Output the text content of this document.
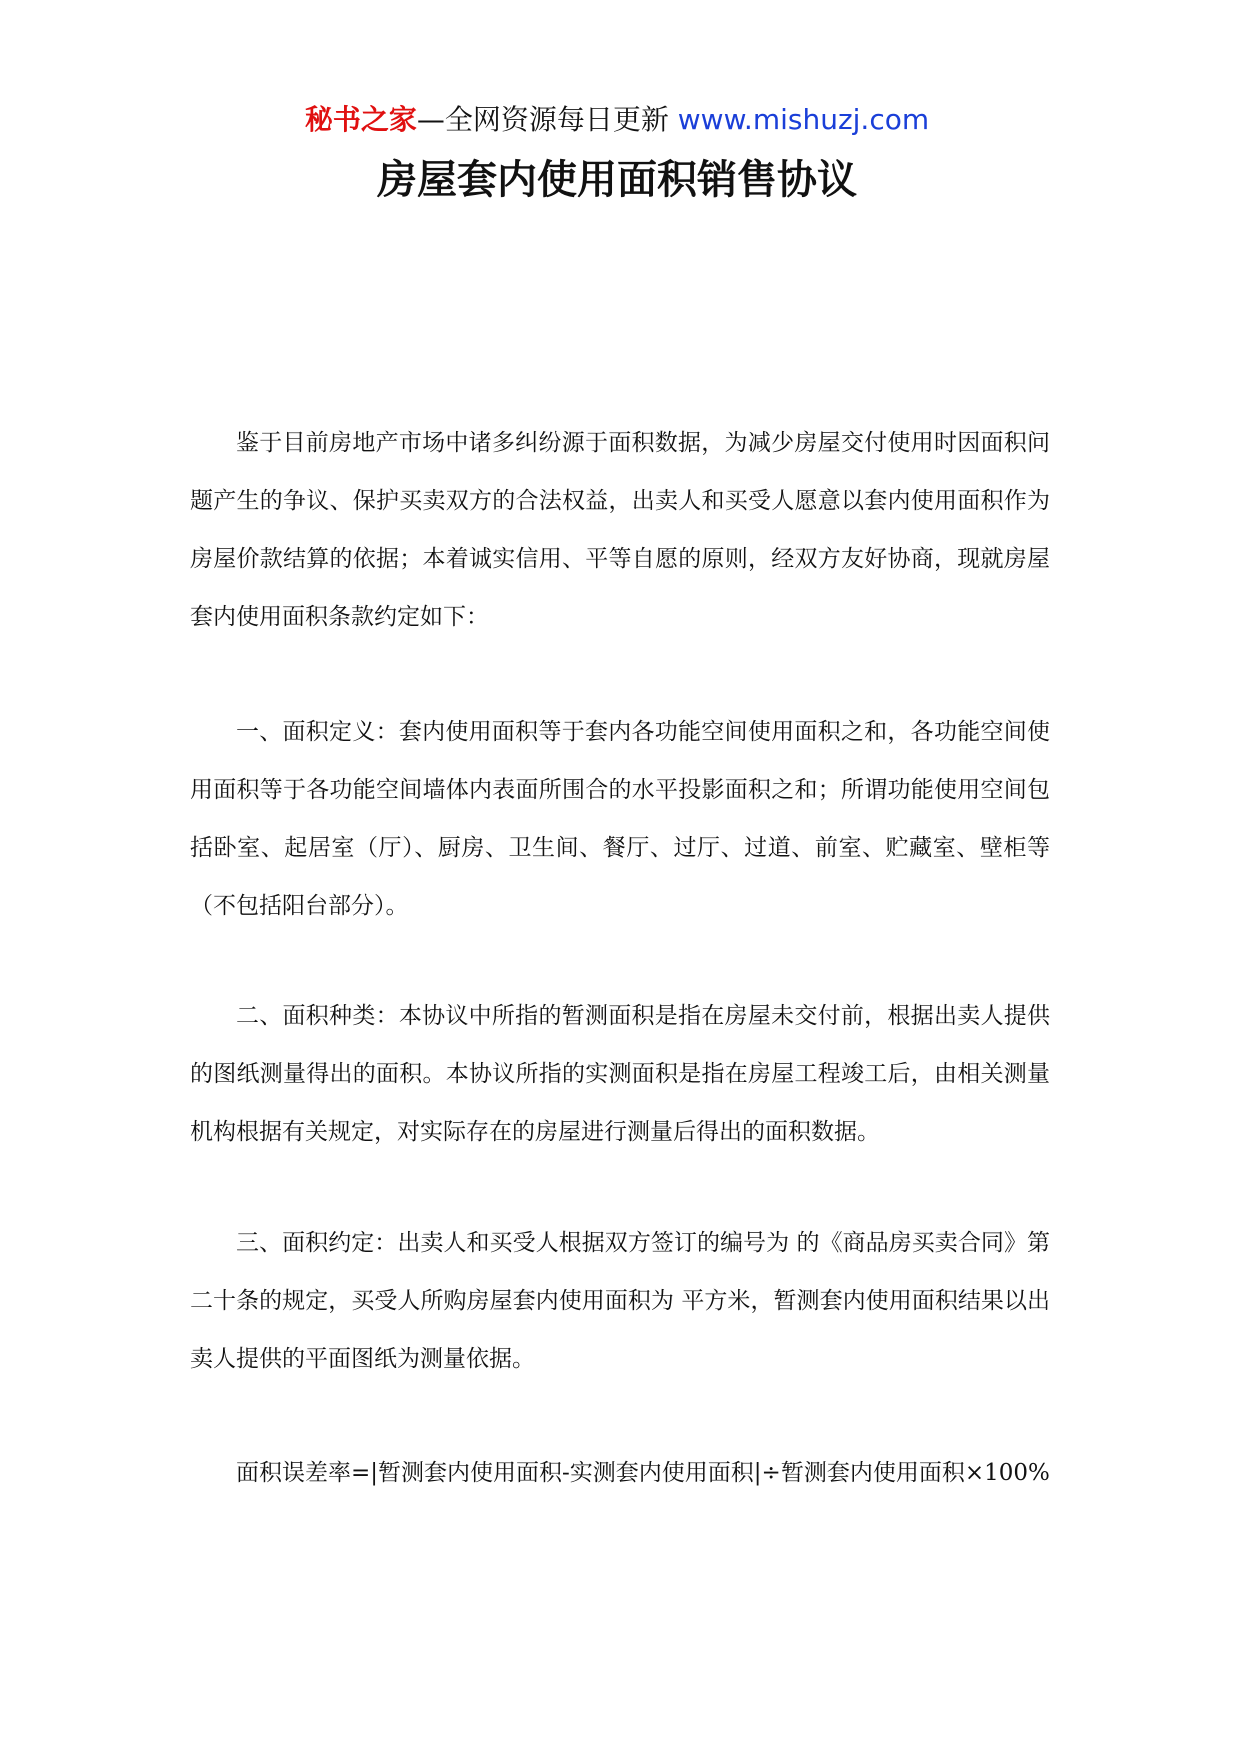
秘书之家—全网资源每日更新 www.mishuzj.com
房屋套内使用面积销售协议

鉴于目前房地产市场中诸多纠纷源于面积数据，为减少房屋交付使用时因面积问题产生的争议、保护买卖双方的合法权益，出卖人和买受人愿意以套内使用面积作为房屋价款结算的依据；本着诚实信用、平等自愿的原则，经双方友好协商，现就房屋套内使用面积条款约定如下：

一、面积定义：套内使用面积等于套内各功能空间使用面积之和，各功能空间使用面积等于各功能空间墙体内表面所围合的水平投影面积之和；所谓功能使用空间包括卧室、起居室（厅）、厨房、卫生间、餐厅、过厅、过道、前室、贮藏室、壁柜等（不包括阳台部分）。

二、面积种类：本协议中所指的暂测面积是指在房屋未交付前，根据出卖人提供的图纸测量得出的面积。本协议所指的实测面积是指在房屋工程竣工后，由相关测量机构根据有关规定，对实际存在的房屋进行测量后得出的面积数据。

三、面积约定：出卖人和买受人根据双方签订的编号为 的《商品房买卖合同》第二十条的规定，买受人所购房屋套内使用面积为 平方米，暂测套内使用面积结果以出卖人提供的平面图纸为测量依据。

面积误差率=|暂测套内使用面积-实测套内使用面积|÷暂测套内使用面积×100%
